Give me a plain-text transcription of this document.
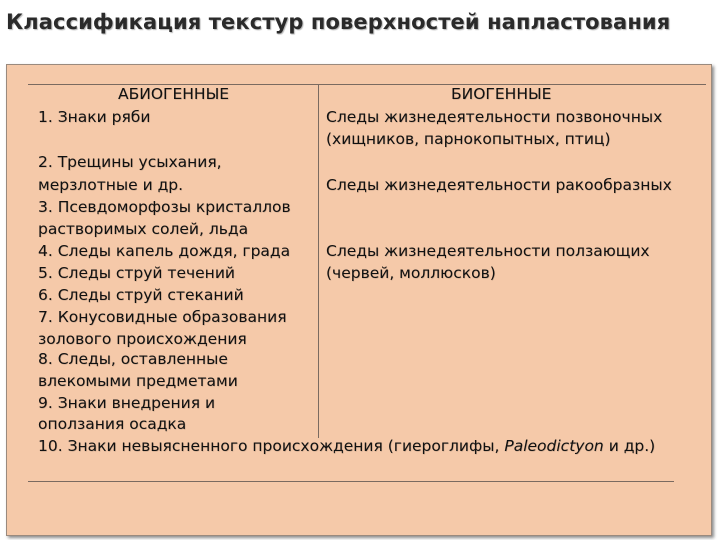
Классификация текстур поверхностей напластования
АБИОГЕННЫЕ	БИОГЕННЫЕ
1. Знаки ряби
2. Трещины усыхания,
мерзлотные и др.
3. Псевдоморфозы кристаллов
растворимых солей, льда
4. Следы капель дождя, града
5. Следы струй течений
6. Следы струй стеканий
7. Конусовидные образования
золового происхождения
8. Следы, оставленные
влекомыми предметами
9. Знаки внедрения и
оползания осадка
Следы жизнедеятельности позвоночных
(хищников, парнокопытных, птиц)
Следы жизнедеятельности ракообразных
Следы жизнедеятельности ползающих
(червей, моллюсков)
10. Знаки невыясненного происхождения (гиероглифы, Paleodictyon и др.)
